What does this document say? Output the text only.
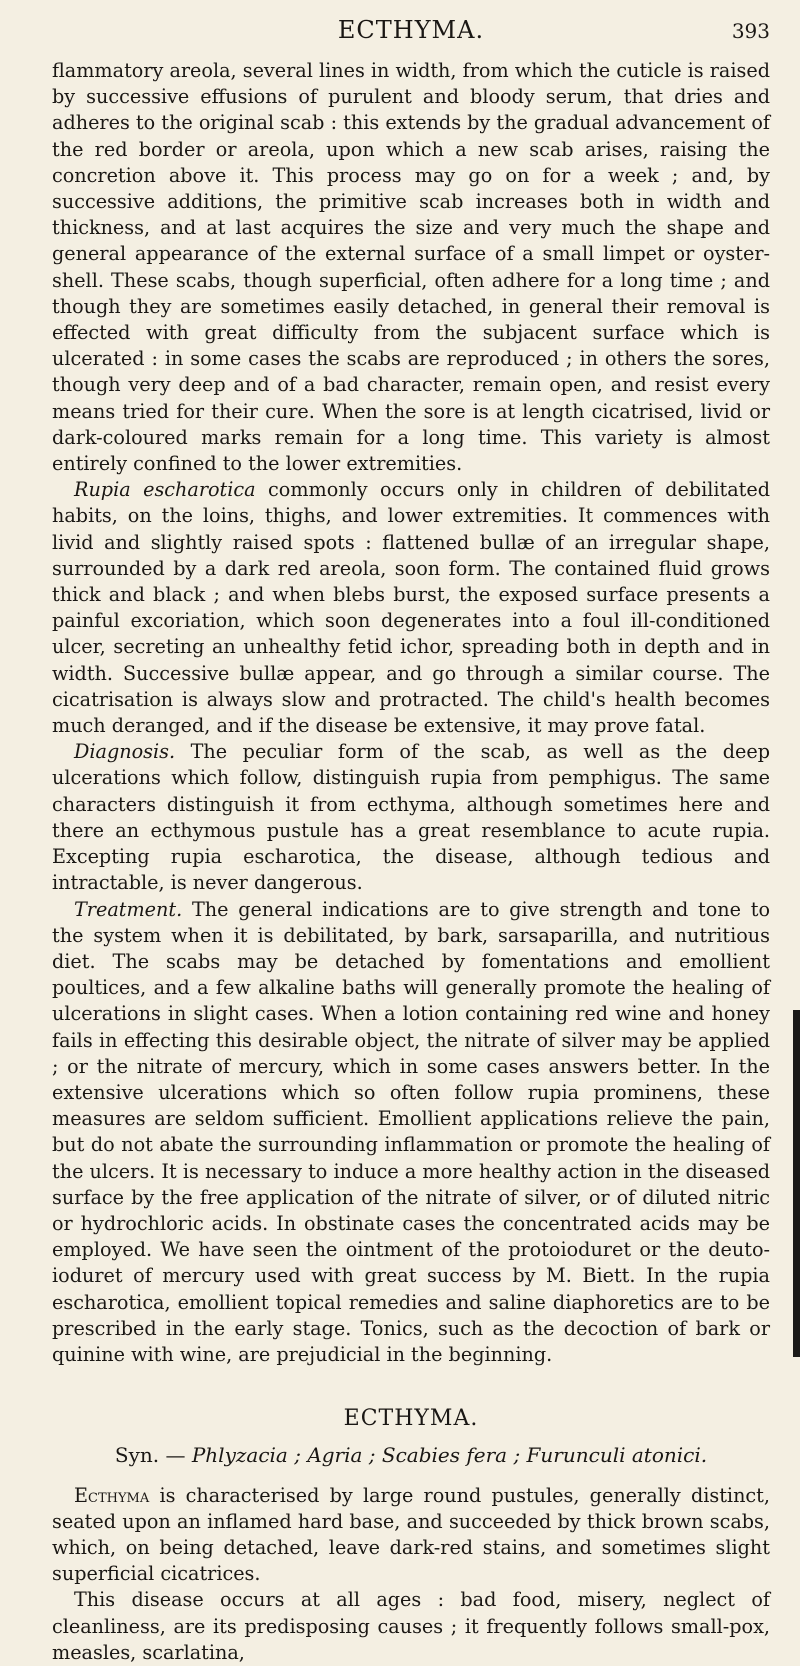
ECTHYMA.	393

flammatory areola, several lines in width, from which the cuticle is raised by successive effusions of purulent and bloody serum, that dries and adheres to the original scab : this extends by the gradual advancement of the red border or areola, upon which a new scab arises, raising the concretion above it. This process may go on for a week ; and, by successive additions, the primitive scab increases both in width and thickness, and at last acquires the size and very much the shape and general appearance of the external surface of a small limpet or oyster-shell. These scabs, though superficial, often adhere for a long time ; and though they are sometimes easily detached, in general their removal is effected with great difficulty from the subjacent surface which is ulcerated : in some cases the scabs are reproduced ; in others the sores, though very deep and of a bad character, remain open, and resist every means tried for their cure. When the sore is at length cicatrised, livid or dark-coloured marks remain for a long time. This variety is almost entirely confined to the lower extremities.

Rupia escharotica commonly occurs only in children of debilitated habits, on the loins, thighs, and lower extremities. It commences with livid and slightly raised spots : flattened bullæ of an irregular shape, surrounded by a dark red areola, soon form. The contained fluid grows thick and black ; and when blebs burst, the exposed surface presents a painful excoriation, which soon degenerates into a foul ill-conditioned ulcer, secreting an unhealthy fetid ichor, spreading both in depth and in width. Successive bullæ appear, and go through a similar course. The cicatrisation is always slow and protracted. The child's health becomes much deranged, and if the disease be extensive, it may prove fatal.

Diagnosis. The peculiar form of the scab, as well as the deep ulcerations which follow, distinguish rupia from pemphigus. The same characters distinguish it from ecthyma, although sometimes here and there an ecthymous pustule has a great resemblance to acute rupia. Excepting rupia escharotica, the disease, although tedious and intractable, is never dangerous.

Treatment. The general indications are to give strength and tone to the system when it is debilitated, by bark, sarsaparilla, and nutritious diet. The scabs may be detached by fomentations and emollient poultices, and a few alkaline baths will generally promote the healing of ulcerations in slight cases. When a lotion containing red wine and honey fails in effecting this desirable object, the nitrate of silver may be applied ; or the nitrate of mercury, which in some cases answers better. In the extensive ulcerations which so often follow rupia prominens, these measures are seldom sufficient. Emollient applications relieve the pain, but do not abate the surrounding inflammation or promote the healing of the ulcers. It is necessary to induce a more healthy action in the diseased surface by the free application of the nitrate of silver, or of diluted nitric or hydrochloric acids. In obstinate cases the concentrated acids may be employed. We have seen the ointment of the protoioduret or the deuto-ioduret of mercury used with great success by M. Biett. In the rupia escharotica, emollient topical remedies and saline diaphoretics are to be prescribed in the early stage. Tonics, such as the decoction of bark or quinine with wine, are prejudicial in the beginning.

ECTHYMA.
Syn. — Phlyzacia ; Agria ; Scabies fera ; Furunculi atonici.

Ecthyma is characterised by large round pustules, generally distinct, seated upon an inflamed hard base, and succeeded by thick brown scabs, which, on being detached, leave dark-red stains, and sometimes slight superficial cicatrices.

This disease occurs at all ages : bad food, misery, neglect of cleanliness, are its predisposing causes ; it frequently follows small-pox, measles, scarlatina,
